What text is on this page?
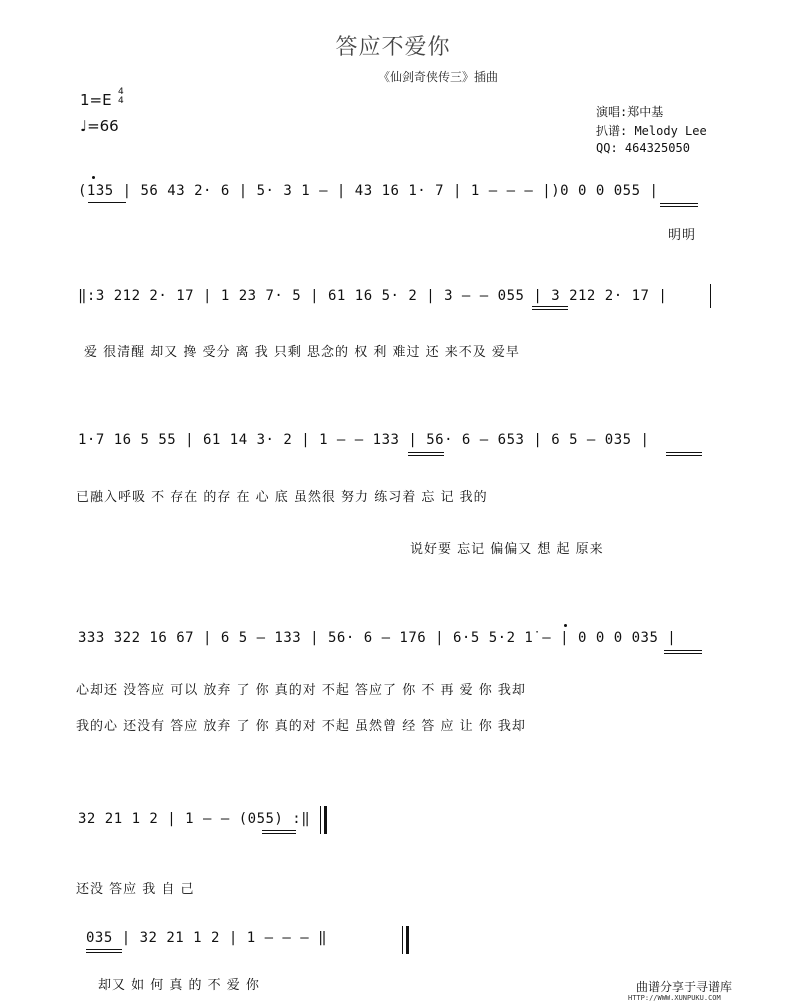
答应不爱你
《仙剑奇侠传三》插曲
1=E 4
4
♩=66
演唱:郑中基
扒谱: Melody Lee
QQ: 464325050
(1̇35 | 56 43 2· 6 | 5· 3 1 – | 43 16 1· 7 | 1 – – – |)0 0 0 055 |
明明
‖:3 212 2· 17 | 1 23 7· 5 | 61 16 5· 2 | 3 – – 055 | 3 212 2· 17 |
爱 很清醒 却又 搀 受分 离 我 只剩 思念的 权 利 难过 还 来不及 爱早
1·7 16 5 55 | 61 14 3· 2 | 1 – – 133 | 56· 6 – 653 | 6 5 – 035 |
已融入呼吸 不 存在 的存 在 心 底 虽然很 努力 练习着 忘 记 我的
说好要 忘记 偏偏又 想 起 原来
333 322 16 67 | 6 5 – 133 | 56· 6 – 176 | 6·5 5·2 1̇ – | 0 0 0 035 |
心却还 没答应 可以 放弃 了 你 真的对 不起 答应了 你 不 再 爱 你 我却
我的心 还没有 答应 放弃 了 你 真的对 不起 虽然曾 经 答 应 让 你 我却
32 21 1 2 | 1 – – (055) :‖
还没 答应 我 自 己
035 | 32 21 1 2 | 1 – – – ‖
却又 如 何 真 的 不 爱 你	曲谱分享于寻谱库
HTTP://WWW.XUNPUKU.COM
